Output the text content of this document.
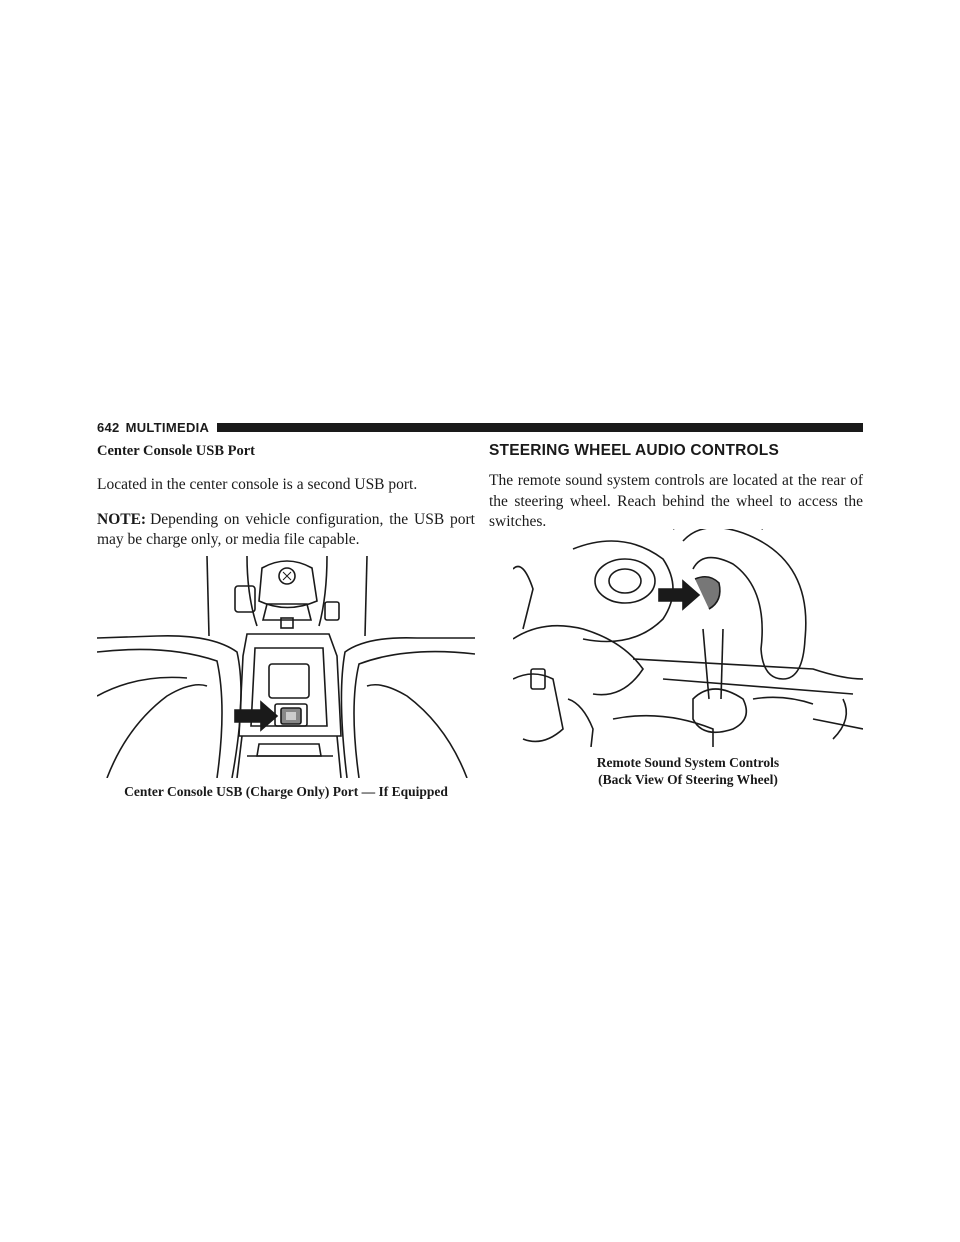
642 MULTIMEDIA

Center Console USB Port

Located in the center console is a second USB port.

NOTE: Depending on vehicle configuration, the USB port may be charge only, or media file capable.

STEERING WHEEL AUDIO CONTROLS

The remote sound system controls are located at the rear of the steering wheel. Reach behind the wheel to access the switches.

Center Console USB (Charge Only) Port — If Equipped
Remote Sound System Controls
(Back View Of Steering Wheel)
